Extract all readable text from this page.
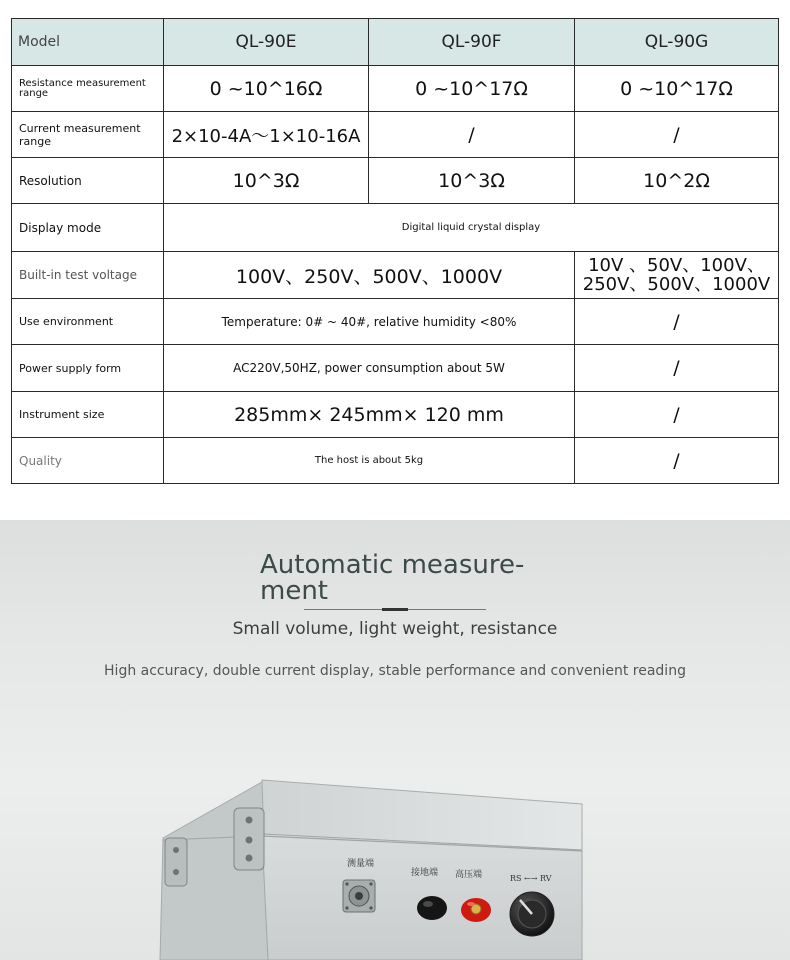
Model	QL-90E	QL-90F	QL-90G
Resistance measurement range	0 ~10^16Ω	0 ~10^17Ω	0 ~10^17Ω
Current measurement range	2×10-4A～1×10-16A	/	/
Resolution	10^3Ω	10^3Ω	10^2Ω
Display mode	Digital liquid crystal display		
Built-in test voltage	100V、250V、500V、1000V		10V 、50V、100V、
250V、500V、1000V

Use environment	Temperature: 0# ~ 40#, relative humidity <80%		/
Power supply form	AC220V,50HZ, power consumption about 5W		/
Instrument size	285mm× 245mm× 120 mm		/
Quality	The host is about 5kg		/
Automatic measure-ment

Small volume, light weight, resistance

High accuracy, double current display, stable performance and convenient reading

测量端
接地端 高压端	RS ←→ RV
